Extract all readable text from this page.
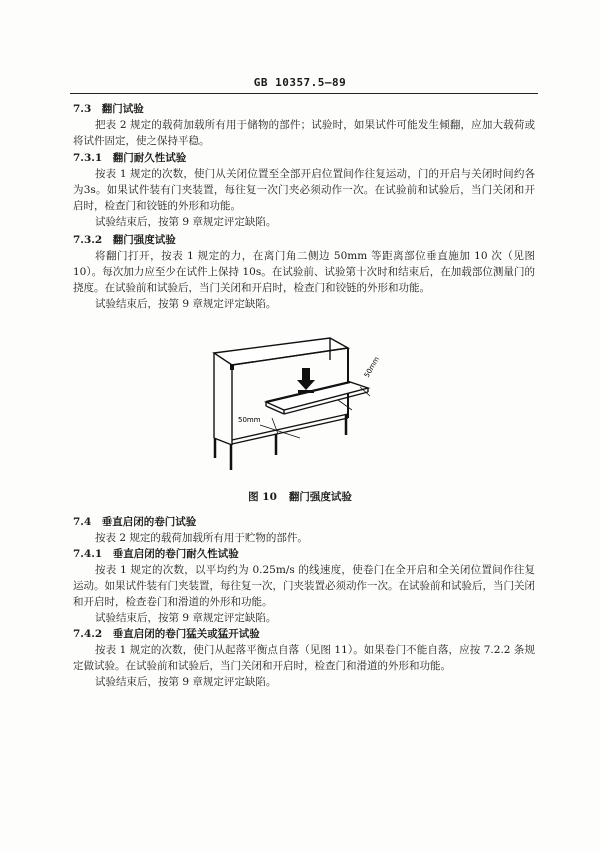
GB 10357.5—89
7.3　翻门试验
把表 2 规定的载荷加载所有用于储物的部件；试验时，如果试件可能发生倾翻，应加大载荷或将试件固定，使之保持平稳。
7.3.1　翻门耐久性试验
按表 1 规定的次数，使门从关闭位置至全部开启位置间作往复运动，门的开启与关闭时间约各为3s。如果试件装有门夹装置，每往复一次门夹必须动作一次。在试验前和试验后，当门关闭和开启时，检查门和铰链的外形和功能。
试验结束后，按第 9 章规定评定缺陷。
7.3.2　翻门强度试验
将翻门打开，按表 1 规定的力，在离门角二侧边 50mm 等距离部位垂直施加 10 次（见图 10）。每次加力应至少在试件上保持 10s。在试验前、试验第十次时和结束后，在加载部位测量门的挠度。在试验前和试验后，当门关闭和开启时，检查门和铰链的外形和功能。
试验结束后，按第 9 章规定评定缺陷。
50mm
50mm
图 10 翻门强度试验
7.4　垂直启闭的卷门试验
按表 2 规定的载荷加载所有用于贮物的部件。
7.4.1　垂直启闭的卷门耐久性试验
按表 1 规定的次数，以平均约为 0.25m/s 的线速度，使卷门在全开启和全关闭位置间作往复运动。如果试件装有门夹装置，每往复一次，门夹装置必须动作一次。在试验前和试验后，当门关闭和开启时，检查卷门和滑道的外形和功能。
试验结束后，按第 9 章规定评定缺陷。
7.4.2　垂直启闭的卷门猛关或猛开试验
按表 1 规定的次数，使门从起落平衡点自落（见图 11）。如果卷门不能自落，应按 7.2.2 条规定做试验。在试验前和试验后，当门关闭和开启时，检查门和滑道的外形和功能。
试验结束后，按第 9 章规定评定缺陷。
